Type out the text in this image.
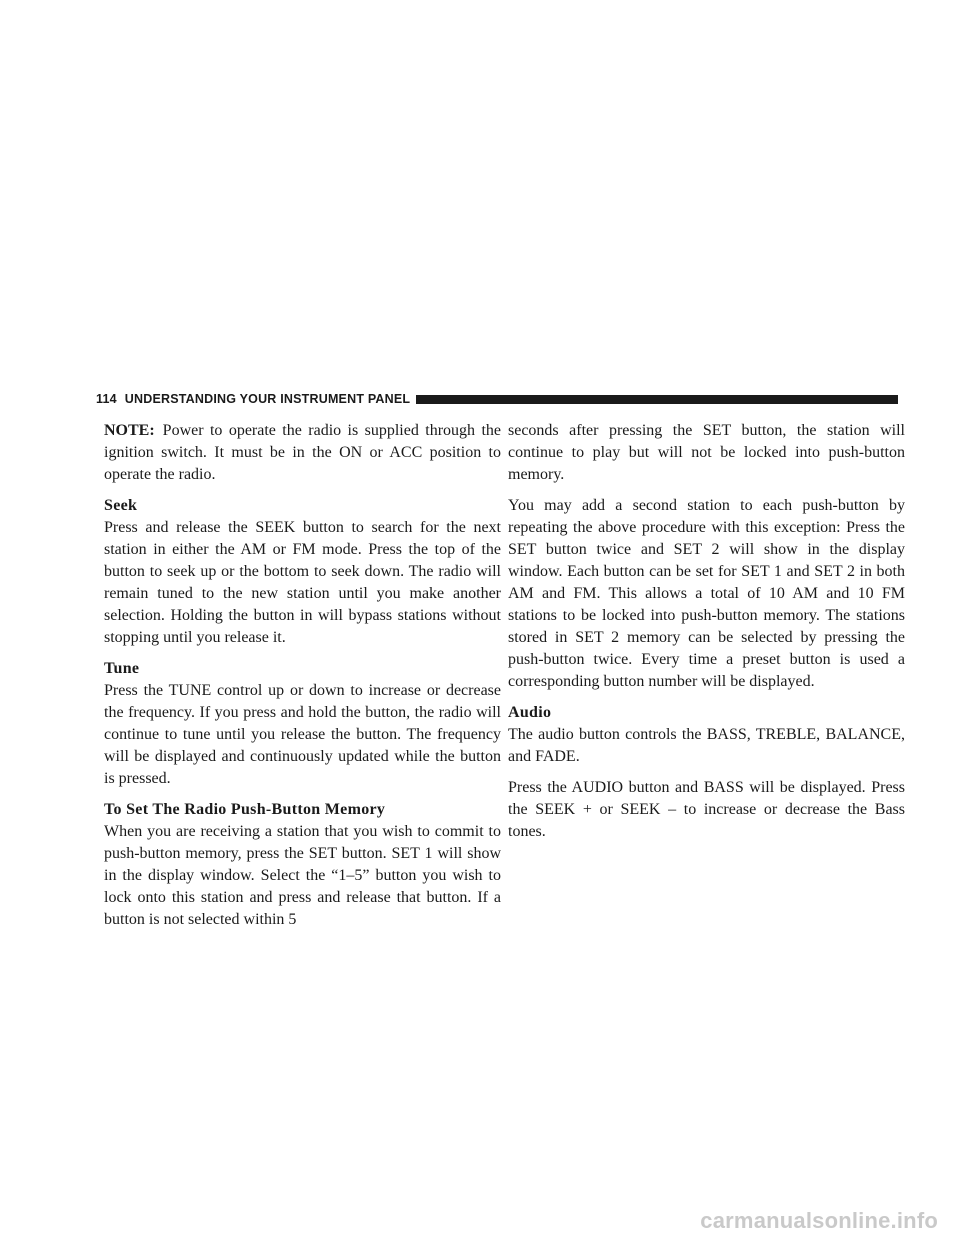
114 UNDERSTANDING YOUR INSTRUMENT PANEL

NOTE: Power to operate the radio is supplied through the ignition switch. It must be in the ON or ACC position to operate the radio.

Seek

Press and release the SEEK button to search for the next station in either the AM or FM mode. Press the top of the button to seek up or the bottom to seek down. The radio will remain tuned to the new station until you make another selection. Holding the button in will bypass stations without stopping until you release it.

Tune

Press the TUNE control up or down to increase or decrease the frequency. If you press and hold the button, the radio will continue to tune until you release the button. The frequency will be displayed and continuously updated while the button is pressed.

To Set The Radio Push-Button Memory

When you are receiving a station that you wish to commit to push-button memory, press the SET button. SET 1 will show in the display window. Select the “1–5” button you wish to lock onto this station and press and release that button. If a button is not selected within 5

seconds after pressing the SET button, the station will continue to play but will not be locked into push-button memory.

You may add a second station to each push-button by repeating the above procedure with this exception: Press the SET button twice and SET 2 will show in the display window. Each button can be set for SET 1 and SET 2 in both AM and FM. This allows a total of 10 AM and 10 FM stations to be locked into push-button memory. The stations stored in SET 2 memory can be selected by pressing the push-button twice. Every time a preset button is used a corresponding button number will be displayed.

Audio

The audio button controls the BASS, TREBLE, BALANCE, and FADE.

Press the AUDIO button and BASS will be displayed. Press the SEEK + or SEEK – to increase or decrease the Bass tones.

carmanualsonline.info
